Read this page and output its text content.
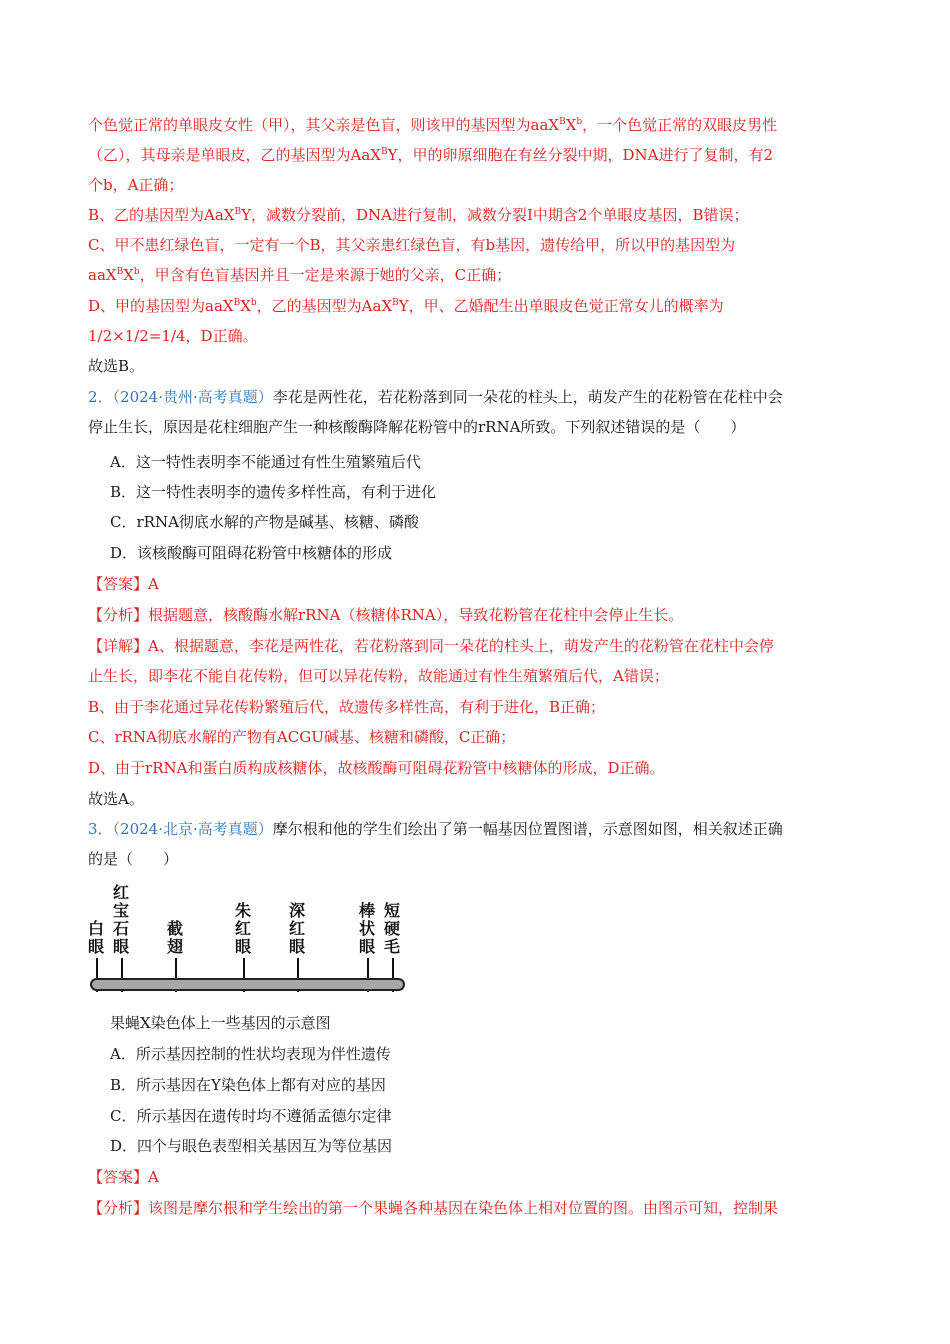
个色觉正常的单眼皮女性（甲），其父亲是色盲，则该甲的基因型为$aaX^BX^b$，一个色觉正常的双眼皮男性
（乙），其母亲是单眼皮，乙的基因型为AaX$^B$Y，甲的卵原细胞在有丝分裂中期，DNA进行了复制，有2
个b，A正确；
B、乙的基因型为AaX$^B$Y，减数分裂前，DNA进行复制，减数分裂Ⅰ中期含2个单眼皮基因，B错误；
C、甲不患红绿色盲，一定有一个B，其父亲患红绿色盲，有b基因，遗传给甲，所以甲的基因型为
$aaX^BX^b$，甲含有色盲基因并且一定是来源于她的父亲，C正确；
D、甲的基因型为$aaX^BX^b$，乙的基因型为AaX$^B$Y，甲、乙婚配生出单眼皮色觉正常女儿的概率为
1/2×1/2=1/4，D正确。
故选B。
2．（2024·贵州·高考真题）李花是两性花，若花粉落到同一朵花的柱头上，萌发产生的花粉管在花柱中会
停止生长，原因是花柱细胞产生一种核酸酶降解花粉管中的rRNA所致。下列叙述错误的是（　　）
A．这一特性表明李不能通过有性生殖繁殖后代
B．这一特性表明李的遗传多样性高，有利于进化
C．rRNA彻底水解的产物是碱基、核糖、磷酸
D．该核酸酶可阻碍花粉管中核糖体的形成
【答案】A
【分析】根据题意，核酸酶水解rRNA（核糖体RNA），导致花粉管在花柱中会停止生长。
【详解】A、根据题意，李花是两性花，若花粉落到同一朵花的柱头上，萌发产生的花粉管在花柱中会停
止生长，即李花不能自花传粉，但可以异花传粉，故能通过有性生殖繁殖后代，A错误；
B、由于李花通过异花传粉繁殖后代，故遗传多样性高，有利于进化，B正确；
C、rRNA彻底水解的产物有ACGU碱基、核糖和磷酸，C正确；
D、由于rRNA和蛋白质构成核糖体，故核酸酶可阻碍花粉管中核糖体的形成，D正确。
故选A。
3．（2024·北京·高考真题）摩尔根和他的学生们绘出了第一幅基因位置图谱，示意图如图，相关叙述正确
的是（　　）
白眼
红宝石眼
截翅
朱红眼
深红眼
棒状眼
短硬毛
果蝇X染色体上一些基因的示意图
A．所示基因控制的性状均表现为伴性遗传
B．所示基因在Y染色体上都有对应的基因
C．所示基因在遗传时均不遵循孟德尔定律
D．四个与眼色表型相关基因互为等位基因
【答案】A
【分析】该图是摩尔根和学生绘出的第一个果蝇各种基因在染色体上相对位置的图。由图示可知，控制果
